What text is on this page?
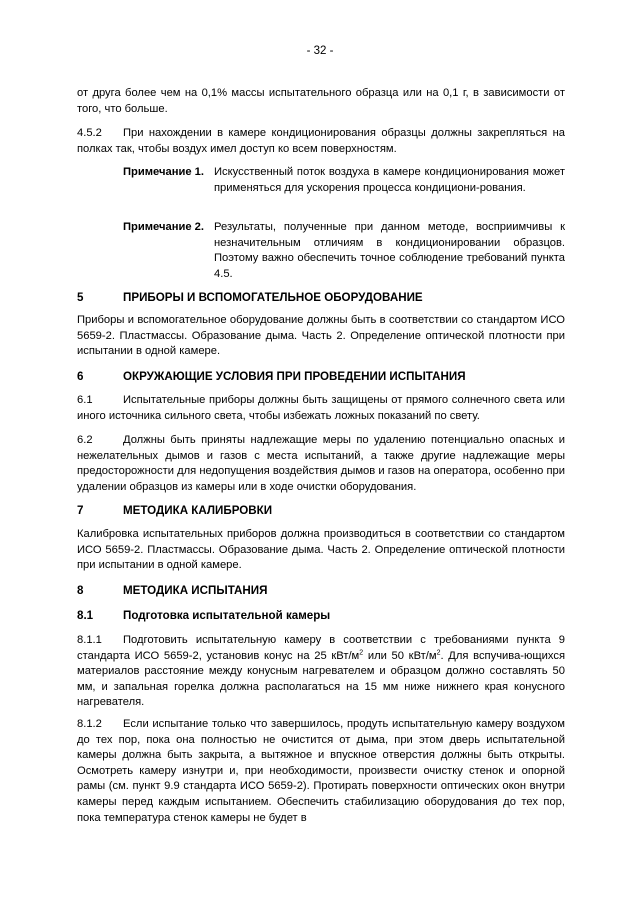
- 32 -

от друга более чем на 0,1% массы испытательного образца или на 0,1 г, в зависимости от того, что больше.

4.5.2 При нахождении в камере кондиционирования образцы должны закрепляться на полках так, чтобы воздух имел доступ ко всем поверхностям.

Примечание 1. Искусственный поток воздуха в камере кондиционирования может применяться для ускорения процесса кондициони-рования.
Примечание 2. Результаты, полученные при данном методе, восприимчивы к незначительным отличиям в кондиционировании образцов. Поэтому важно обеспечить точное соблюдение требований пункта 4.5.
5	ПРИБОРЫ И ВСПОМОГАТЕЛЬНОЕ ОБОРУДОВАНИЕ

Приборы и вспомогательное оборудование должны быть в соответствии со стандартом ИСО 5659-2. Пластмассы. Образование дыма. Часть 2. Определение оптической плотности при испытании в одной камере.

6	ОКРУЖАЮЩИЕ УСЛОВИЯ ПРИ ПРОВЕДЕНИИ ИСПЫТАНИЯ

6.1	Испытательные приборы должны быть защищены от прямого солнечного света или иного источника сильного света, чтобы избежать ложных показаний по свету.

6.2	Должны быть приняты надлежащие меры по удалению потенциально опасных и нежелательных дымов и газов с места испытаний, а также другие надлежащие меры предосторожности для недопущения воздействия дымов и газов на оператора, особенно при удалении образцов из камеры или в ходе очистки оборудования.

7	МЕТОДИКА КАЛИБРОВКИ

Калибровка испытательных приборов должна производиться в соответствии со стандартом ИСО 5659-2. Пластмассы. Образование дыма. Часть 2. Определение оптической плотности при испытании в одной камере.

8	МЕТОДИКА ИСПЫТАНИЯ
8.1	Подготовка испытательной камеры

8.1.1 Подготовить испытательную камеру в соответствии с требованиями пункта 9 стандарта ИСО 5659-2, установив конус на 25 кВт/$м^2$ или 50 кВт/$м^2$. Для вспучива-ющихся материалов расстояние между конусным нагревателем и образцом должно составлять 50 мм, и запальная горелка должна располагаться на 15 мм ниже нижнего края конусного нагревателя.

8.1.2 Если испытание только что завершилось, продуть испытательную камеру воздухом до тех пор, пока она полностью не очистится от дыма, при этом дверь испытательной камеры должна быть закрыта, а вытяжное и впускное отверстия должны быть открыты. Осмотреть камеру изнутри и, при необходимости, произвести очистку стенок и опорной рамы (см. пункт 9.9 стандарта ИСО 5659-2). Протирать поверхности оптических окон внутри камеры перед каждым испытанием. Обеспечить стабилизацию оборудования до тех пор, пока температура стенок камеры не будет в
